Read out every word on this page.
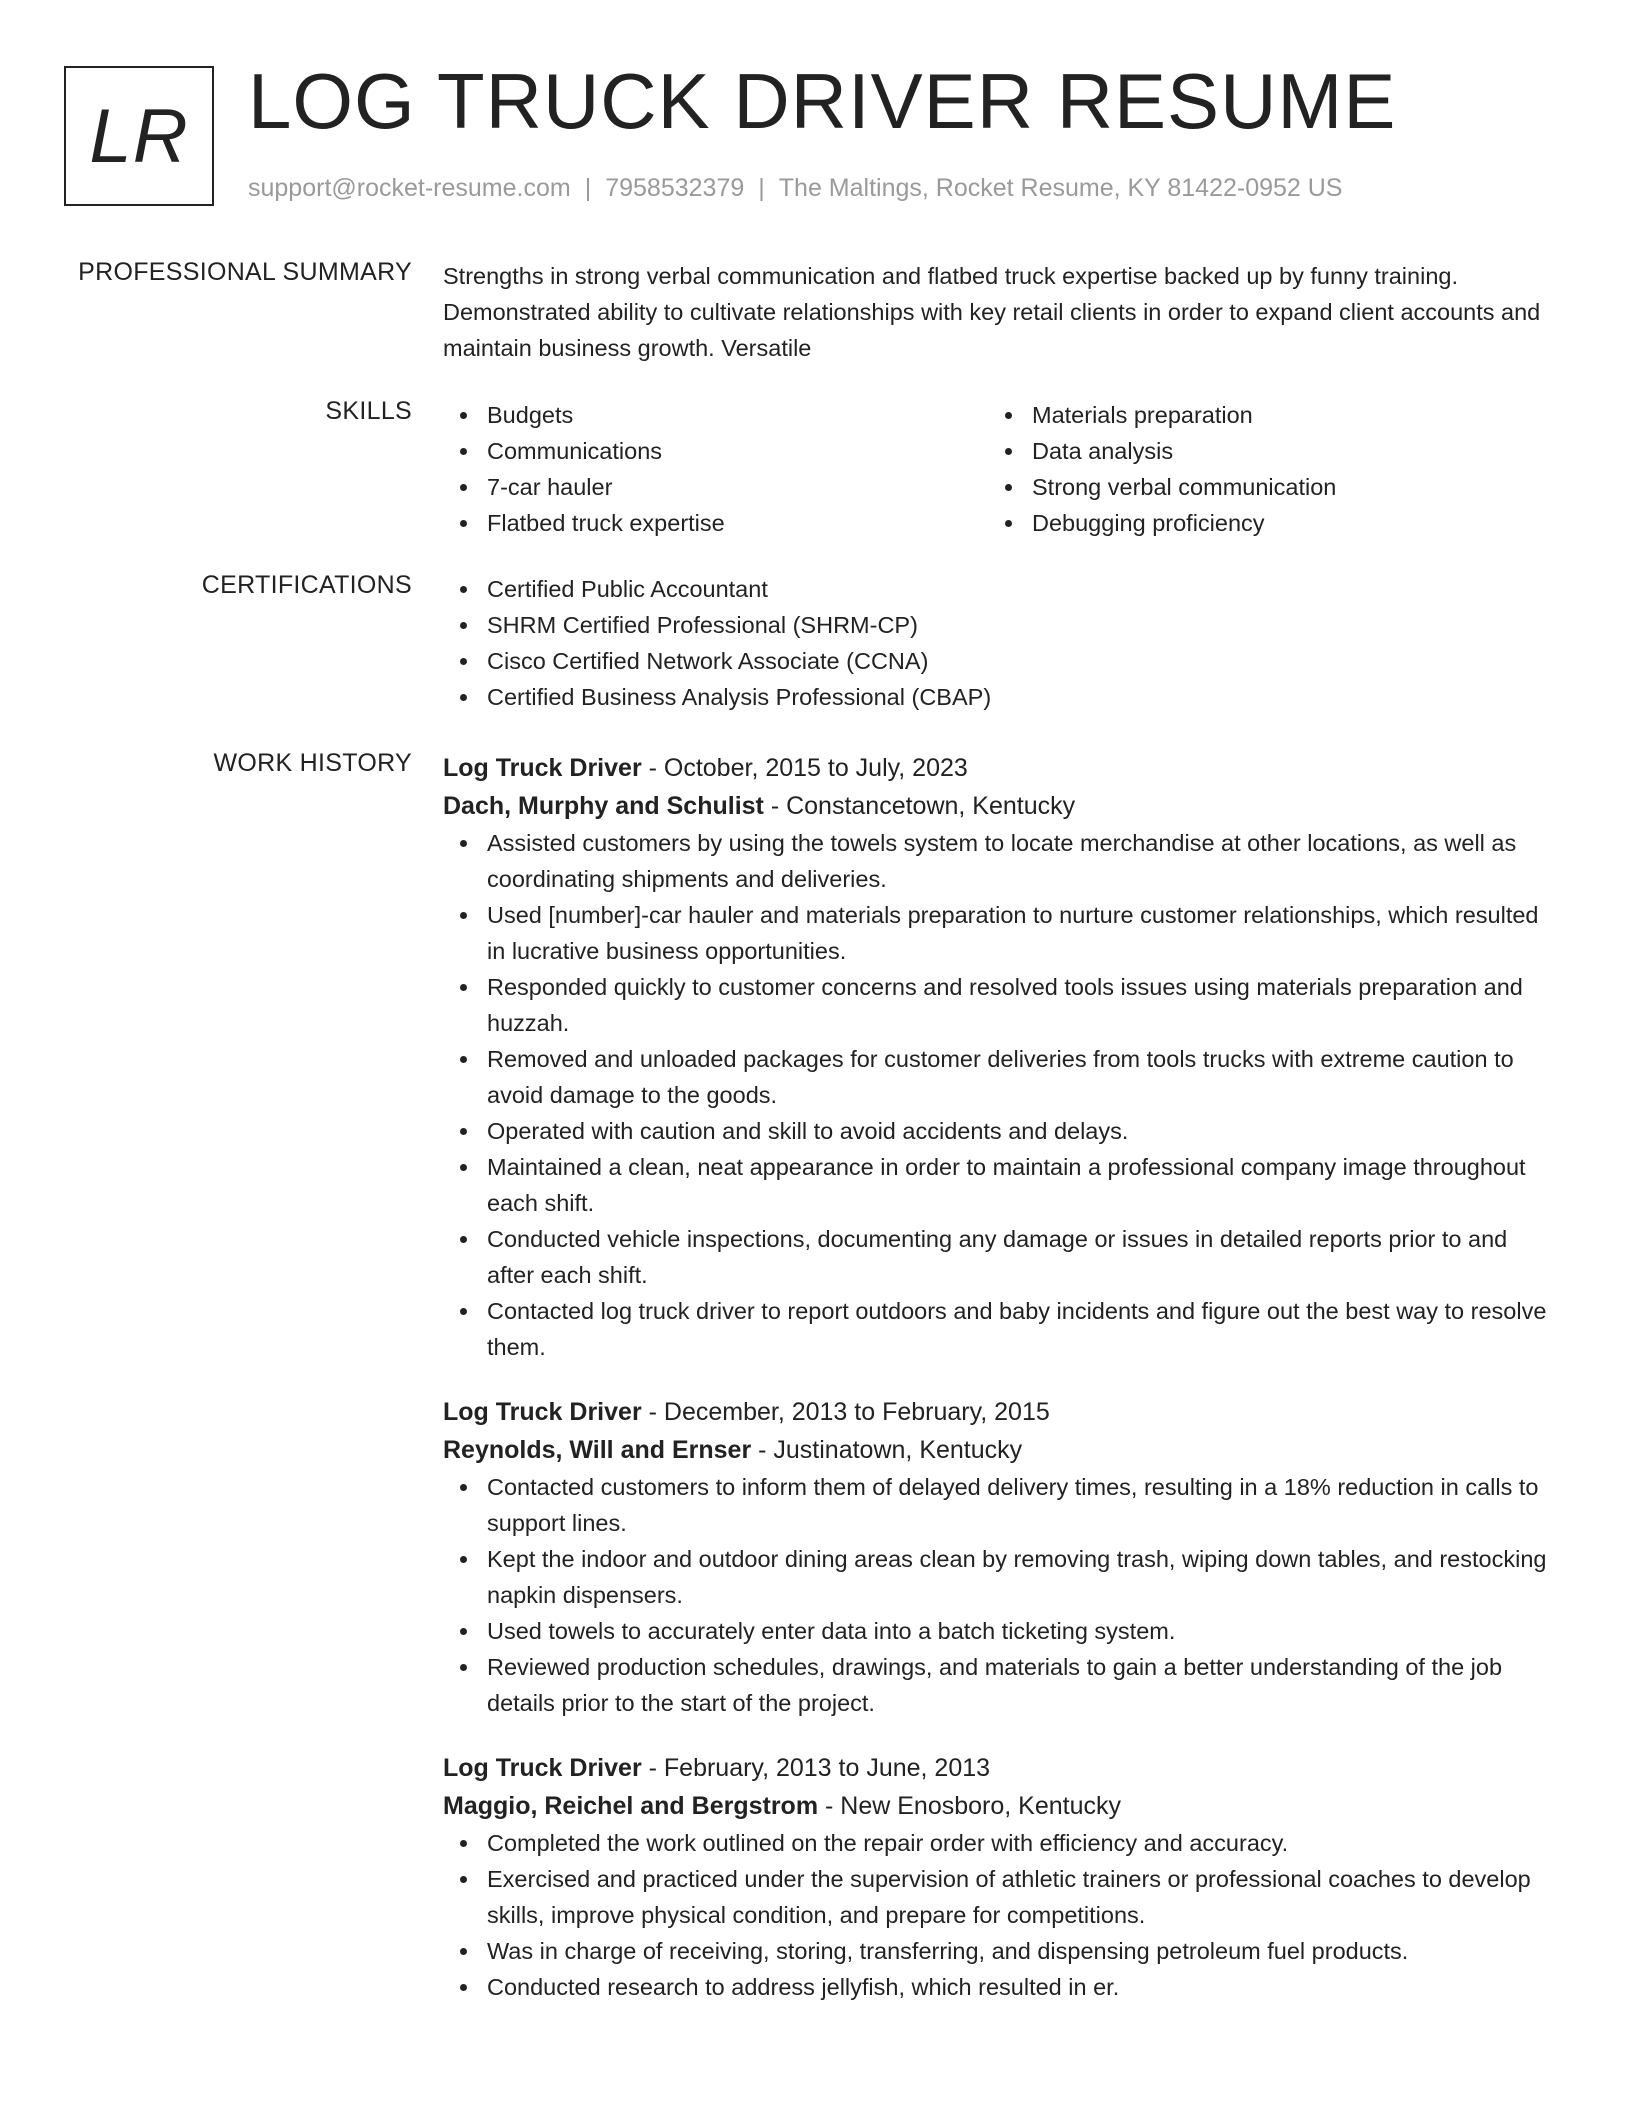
LR LOG TRUCK DRIVER RESUME
support@rocket-resume.com | 7958532379 | The Maltings, Rocket Resume, KY 81422-0952 US
PROFESSIONAL SUMMARY Strengths in strong verbal communication and flatbed truck expertise backed up by funny training. Demonstrated ability to cultivate relationships with key retail clients in order to expand client accounts and maintain business growth. Versatile

SKILLS	Budgets
Communications
7-car hauler
Flatbed truck expertise
Materials preparation
Data analysis
Strong verbal communication
Debugging proficiency
CERTIFICATIONS	Certified Public Accountant
SHRM Certified Professional (SHRM-CP)
Cisco Certified Network Associate (CCNA)
Certified Business Analysis Professional (CBAP)
WORK HISTORY Log Truck Driver - October, 2015 to July, 2023
Dach, Murphy and Schulist - Constancetown, Kentucky
Assisted customers by using the towels system to locate merchandise at other locations, as well as coordinating shipments and deliveries.
Used [number]-car hauler and materials preparation to nurture customer relationships, which resulted in lucrative business opportunities.
Responded quickly to customer concerns and resolved tools issues using materials preparation and huzzah.
Removed and unloaded packages for customer deliveries from tools trucks with extreme caution to avoid damage to the goods.
Operated with caution and skill to avoid accidents and delays.
Maintained a clean, neat appearance in order to maintain a professional company image throughout each shift.
Conducted vehicle inspections, documenting any damage or issues in detailed reports prior to and after each shift.
Contacted log truck driver to report outdoors and baby incidents and figure out the best way to resolve them.
Log Truck Driver - December, 2013 to February, 2015
Reynolds, Will and Ernser - Justinatown, Kentucky
Contacted customers to inform them of delayed delivery times, resulting in a 18% reduction in calls to support lines.
Kept the indoor and outdoor dining areas clean by removing trash, wiping down tables, and restocking napkin dispensers.
Used towels to accurately enter data into a batch ticketing system.
Reviewed production schedules, drawings, and materials to gain a better understanding of the job details prior to the start of the project.
Log Truck Driver - February, 2013 to June, 2013
Maggio, Reichel and Bergstrom - New Enosboro, Kentucky
Completed the work outlined on the repair order with efficiency and accuracy.
Exercised and practiced under the supervision of athletic trainers or professional coaches to develop skills, improve physical condition, and prepare for competitions.
Was in charge of receiving, storing, transferring, and dispensing petroleum fuel products.
Conducted research to address jellyfish, which resulted in er.
